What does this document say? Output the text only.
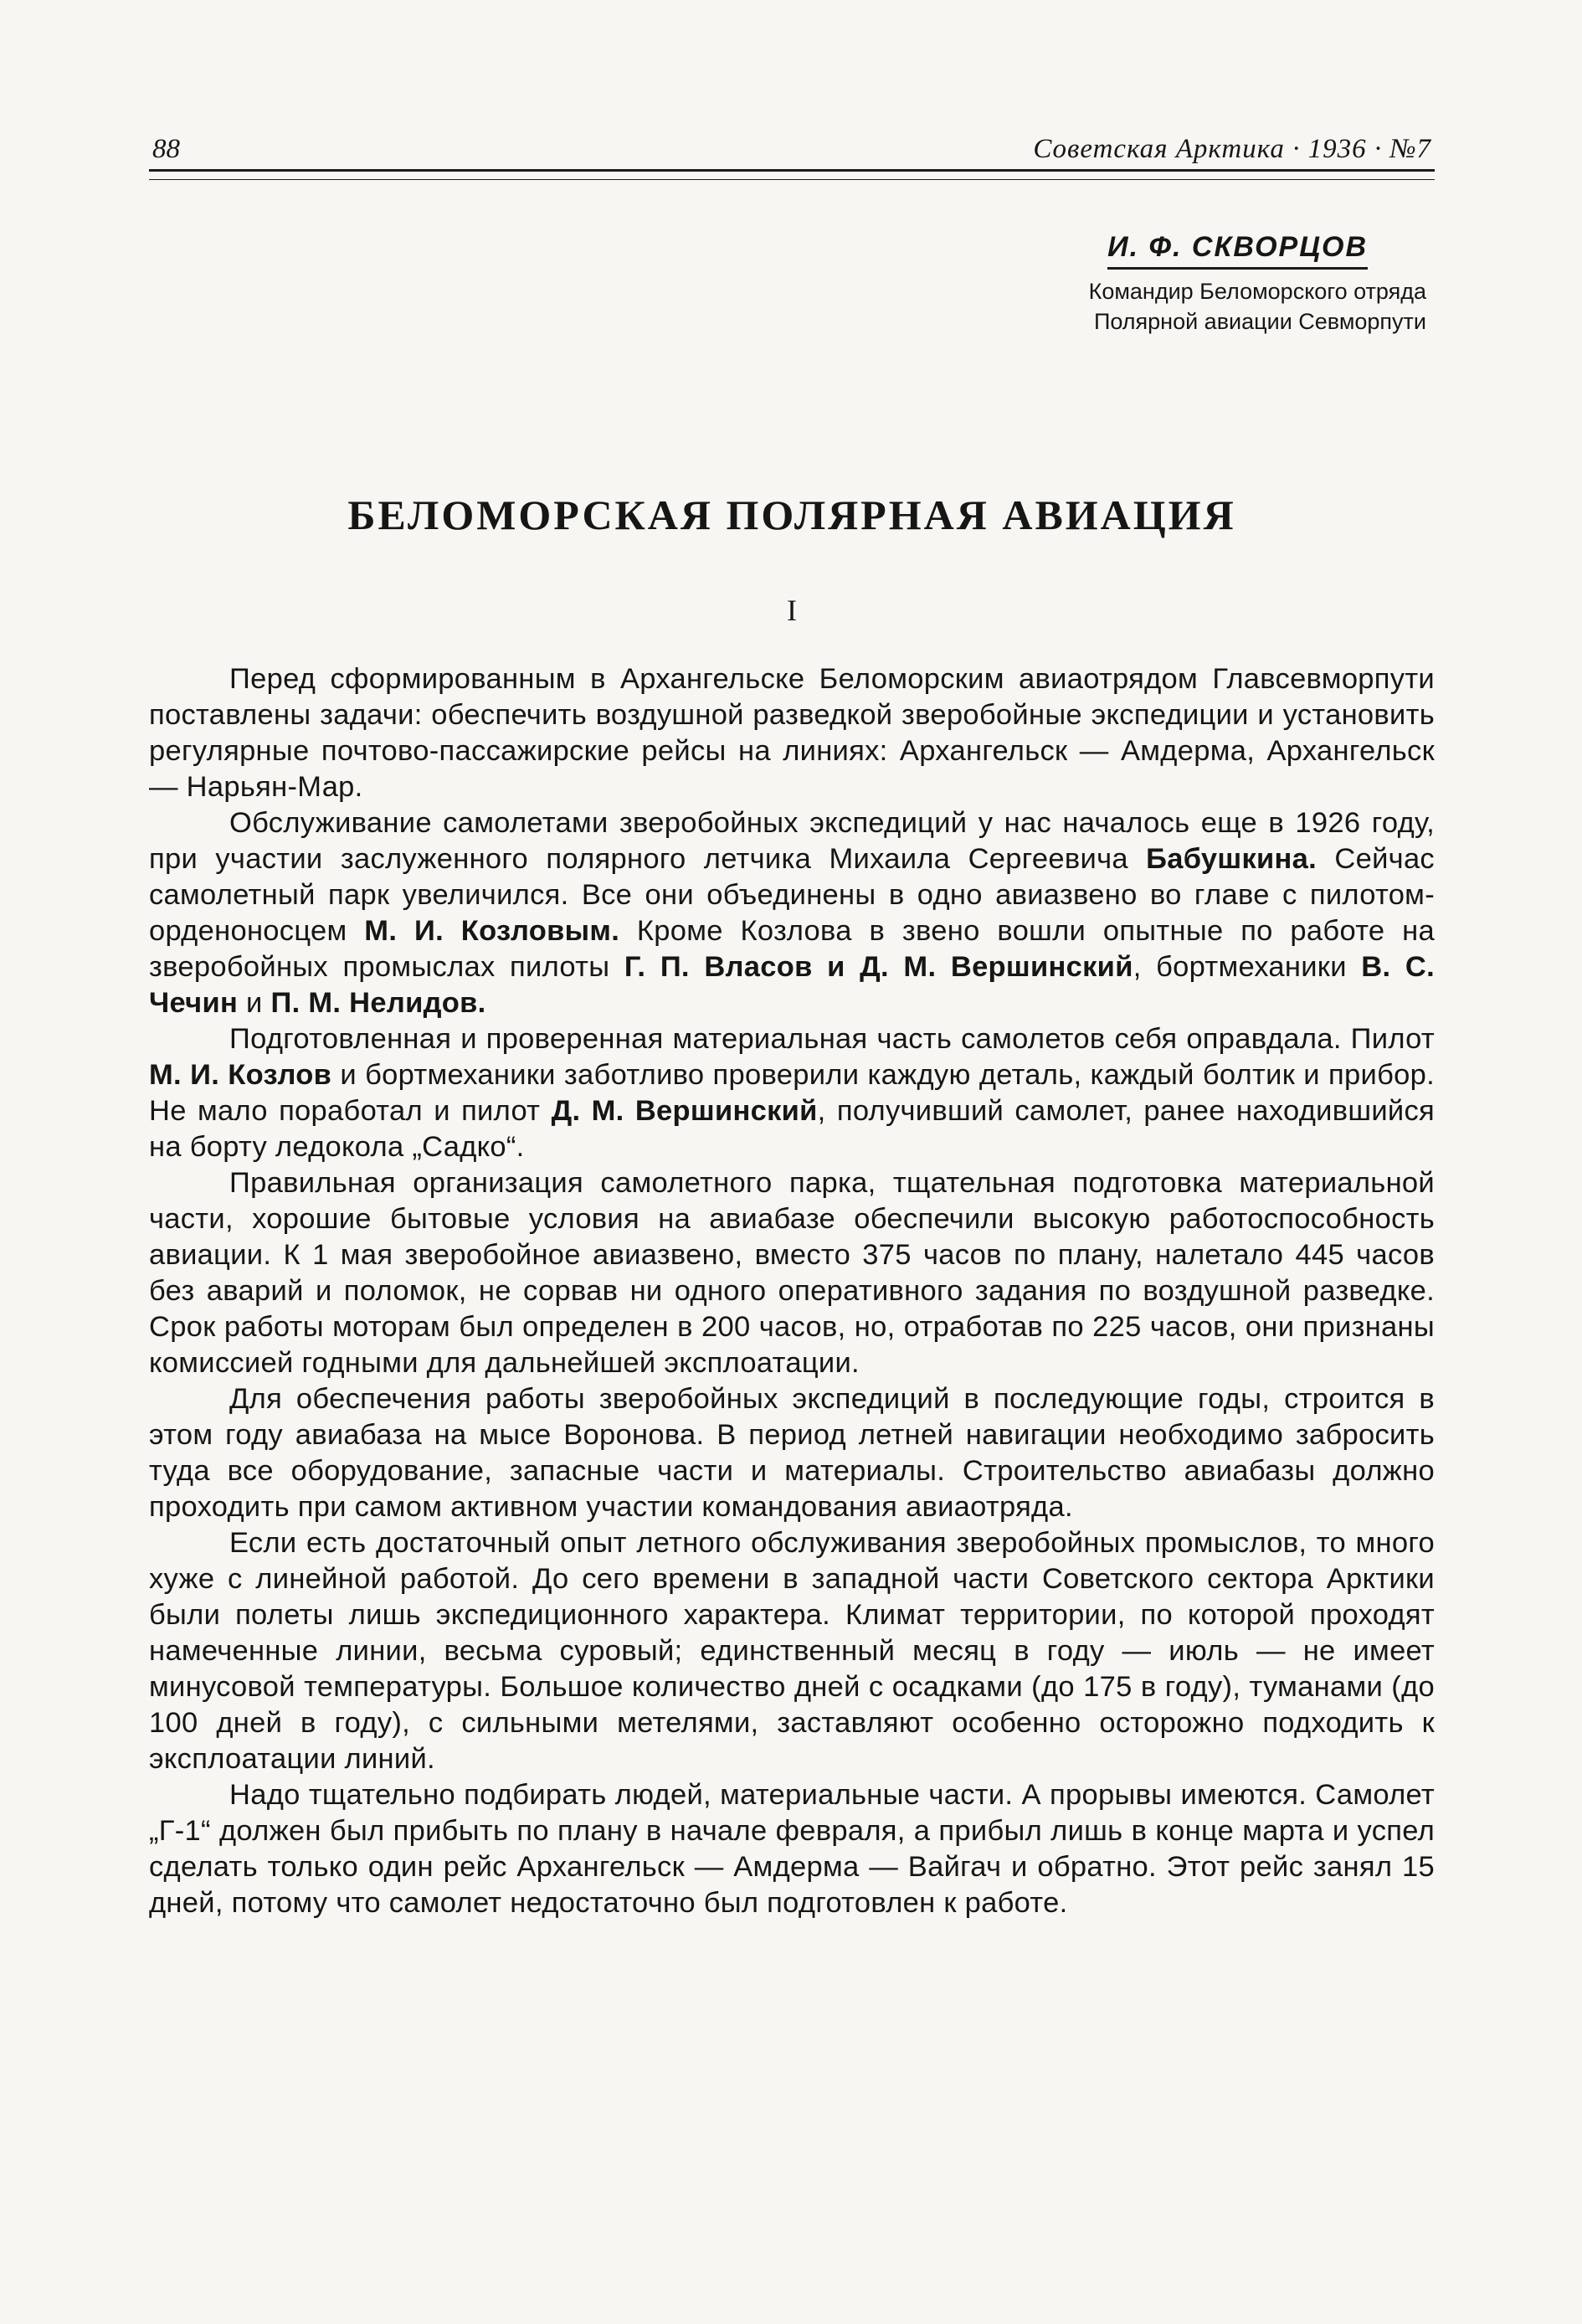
88	Советская Арктика · 1936 · №7
И. Ф. СКВОРЦОВ
Командир Беломорского отряда
Полярной авиации Севморпути
БЕЛОМОРСКАЯ ПОЛЯРНАЯ АВИАЦИЯ
I

Перед сформированным в Архангельске Беломорским авиаотрядом Главсевморпути поставлены задачи: обеспечить воздушной разведкой зверобойные экспедиции и установить регулярные почтово-пассажирские рейсы на линиях: Архангельск — Амдерма, Архангельск — Нарьян-Мар.

Обслуживание самолетами зверобойных экспедиций у нас началось еще в 1926 году, при участии заслуженного полярного летчика Михаила Сергеевича Бабушкина. Сейчас самолетный парк увеличился. Все они объединены в одно авиазвено во главе с пилотом-орденоносцем М. И. Козловым. Кроме Козлова в звено вошли опытные по работе на зверобойных промыслах пилоты Г. П. Власов и Д. М. Вершинский, бортмеханики В. С. Чечин и П. М. Нелидов.

Подготовленная и проверенная материальная часть самолетов себя оправдала. Пилот М. И. Козлов и бортмеханики заботливо проверили каждую деталь, каждый болтик и прибор. Не мало поработал и пилот Д. М. Вершинский, получивший самолет, ранее находившийся на борту ледокола „Садко“.

Правильная организация самолетного парка, тщательная подготовка материальной части, хорошие бытовые условия на авиабазе обеспечили высокую работоспособность авиации. К 1 мая зверобойное авиазвено, вместо 375 часов по плану, налетало 445 часов без аварий и поломок, не сорвав ни одного оперативного задания по воздушной разведке. Срок работы моторам был определен в 200 часов, но, отработав по 225 часов, они признаны комиссией годными для дальнейшей эксплоатации.

Для обеспечения работы зверобойных экспедиций в последующие годы, строится в этом году авиабаза на мысе Воронова. В период летней навигации необходимо забросить туда все оборудование, запасные части и материалы. Строительство авиабазы должно проходить при самом активном участии командования авиаотряда.

Если есть достаточный опыт летного обслуживания зверобойных промыслов, то много хуже с линейной работой. До сего времени в западной части Советского сектора Арктики были полеты лишь экспедиционного характера. Климат территории, по которой проходят намеченные линии, весьма суровый; единственный месяц в году — июль — не имеет минусовой температуры. Большое количество дней с осадками (до 175 в году), туманами (до 100 дней в году), с сильными метелями, заставляют особенно осторожно подходить к эксплоатации линий.

Надо тщательно подбирать людей, материальные части. А прорывы имеются. Самолет „Г-1“ должен был прибыть по плану в начале февраля, а прибыл лишь в конце марта и успел сделать только один рейс Архангельск — Амдерма — Вайгач и обратно. Этот рейс занял 15 дней, потому что самолет недостаточно был подготовлен к работе.
